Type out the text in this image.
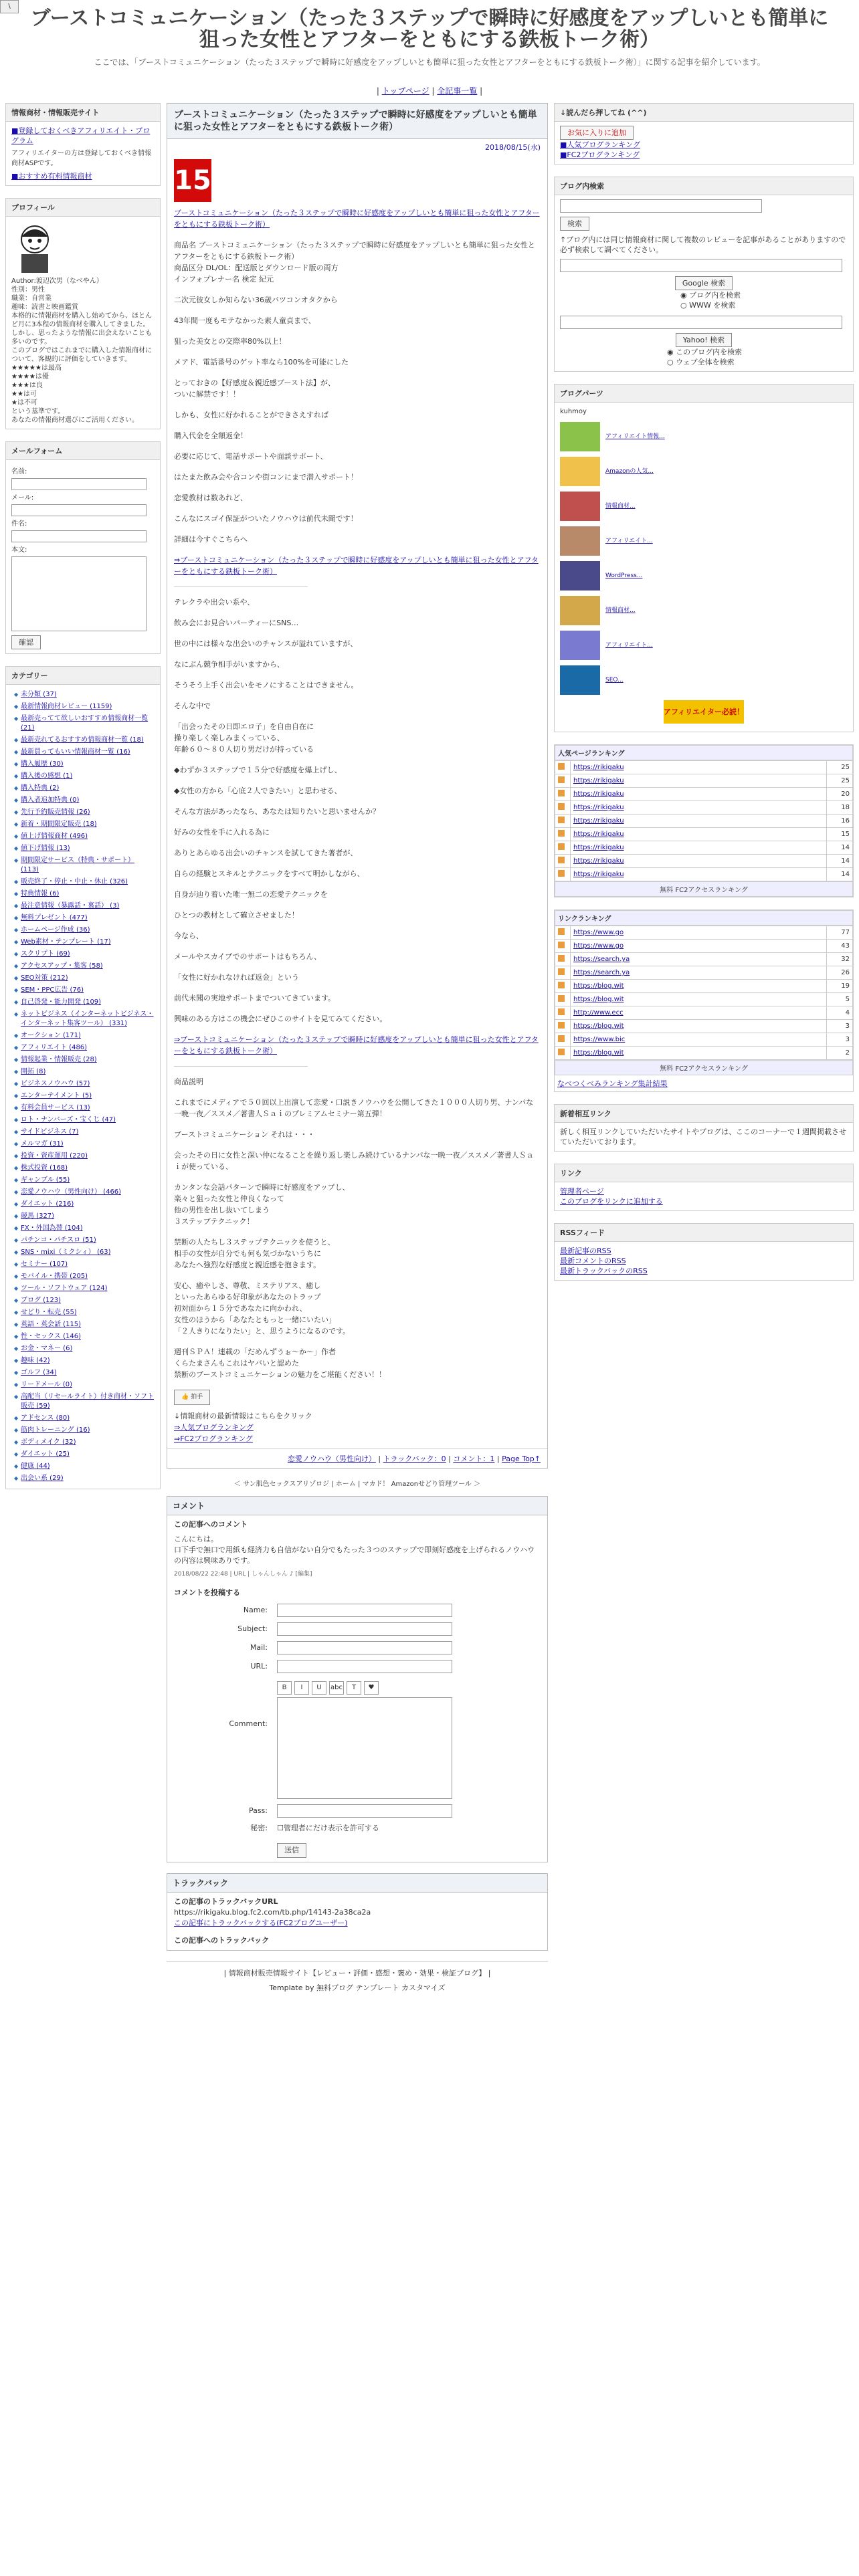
\
ブーストコミュニケーション（たった３ステップで瞬時に好感度をアップしいとも簡単に狙った女性とアフターをともにする鉄板トーク術）
ここでは、「ブーストコミュニケーション（たった３ステップで瞬時に好感度をアップしいとも簡単に狙った女性とアフターをともにする鉄板トーク術）」に関する記事を紹介しています。
| トップページ | 全記事一覧 |
情報商材・情報販売サイト
■登録しておくべきアフィリエイト・ブログラム
アフィリエイターの方は登録しておくべき情報商材ASPです。
■おすすめ有料情報商材
プロフィール
Author:渡辺次男（なべやん）
性別：男性
職業：自営業
趣味：読書と映画鑑賞
本格的に情報商材を購入し始めてから、ほとんど月に3本程の情報商材を購入してきました。しかし、思ったような情報に出会えないことも多いのです。
このブログではこれまでに購入した情報商材について、客観的に評価をしていきます。
★★★★★は最高
★★★★は優
★★★は良
★★は可
★は不可
という基準です。
あなたの情報商材選びにご活用ください。
メールフォーム
名前:
メール:
件名:
本文:
確認
カテゴリー
◆ 未分類 (37)
◆ 最新情報商材レビュー (1159)
◆ 最新売ってて欲しいおすすめ情報商材一覧 (21)
◆ 最新売れてるおすすめ情報商材一覧 (18)
◆ 最新買ってもいい情報商材一覧 (16)
◆ 購入履歴 (30)
◆ 購入後の感想 (1)
◆ 購入特典 (2)
◆ 購入者追加特典 (0)
◆ 先行予約販売情報 (26)
◆ 新着・期間限定販売 (18)
◆ 値上げ情報商材 (496)
◆ 値下げ情報 (13)
◆ 期間限定サービス（特典・サポート） (113)
◆ 販売終了・停止・中止・休止 (326)
◆ 特典情報 (6)
◆ 最注意情報（暴露話・裏話） (3)
◆ 無料プレゼント (477)
◆ ホームページ作成 (36)
◆ Web素材・テンプレート (17)
◆ スクリプト (69)
◆ アクセスアップ・集客 (58)
◆ SEO対策 (212)
◆ SEM・PPC広告 (76)
◆ 自己啓発・能力開発 (109)
◆ ネットビジネス（インターネットビジネス・インターネット集客ツール） (331)
◆ オークション (171)
◆ アフィリエイト (486)
◆ 情報起業・情報販売 (28)
◆ 開拓 (8)
◆ ビジネスノウハウ (57)
◆ エンターテイメント (5)
◆ 有料会員サービス (13)
◆ ロト・ナンバーズ・宝くじ (47)
◆ サイドビジネス (7)
◆ メルマガ (31)
◆ 投資・資産運用 (220)
◆ 株式投資 (168)
◆ ギャンブル (55)
◆ 恋愛ノウハウ（男性向け） (466)
◆ ダイエット (216)
◆ 競馬 (327)
◆ FX・外国為替 (104)
◆ パチンコ・パチスロ (51)
◆ SNS・mixi（ミクシィ） (63)
◆ セミナー (107)
◆ モバイル・携帯 (205)
◆ ツール・ソフトウェア (124)
◆ ブログ (123)
◆ せどり・転売 (55)
◆ 英語・英会話 (115)
◆ 性・セックス (146)
◆ お金・マネー (6)
◆ 趣味 (42)
◆ ゴルフ (34)
◆ リードメール (0)
◆ 高配当（リセールライト）付き商材・ソフト販売 (59)
◆ アドセンス (80)
◆ 筋肉トレーニング (16)
◆ ボディメイク (32)
◆ ダイエット (25)
◆ 健康 (44)
◆ 出会い系 (29)
ブーストコミュニケーション（たった３ステップで瞬時に好感度をアップしいとも簡単に狙った女性とアフターをともにする鉄板トーク術）
2018/08/15(水)
15

ブーストコミュニケーション（たった３ステップで瞬時に好感度をアップしいとも簡単に狙った女性とアフターをともにする鉄板トーク術）

商品名 ブーストコミュニケーション（たった３ステップで瞬時に好感度をアップしいとも簡単に狙った女性とアフターをともにする鉄板トーク術）
商品区分 DL/OL：配送版とダウンロード版の両方
インフォプレナー名 検定 紀元

二次元彼女しか知らない36歳バツコンオタクから

43年間一度もモテなかった素人童貞まで、

狙った美女との交際率80%以上！

メアド、電話番号のゲット率なら100%を可能にした

とっておきの【好感度＆親近感ブースト法】が、
ついに解禁です！！

しかも、女性に好かれることができさえすれば

購入代金を全額返金！

必要に応じて、電話サポートや面談サポート、

はたまた飲み会や合コンや街コンにまで潜入サポート！

恋愛教材は数あれど、

こんなにスゴイ保証がついたノウハウは前代未聞です！

詳細は今すぐこちらへ

⇒ブーストコミュニケーション（たった３ステップで瞬時に好感度をアップしいとも簡単に狙った女性とアフターをともにする鉄板トーク術）

テレクラや出会い系や、

飲み会にお見合いパーティーにSNS…

世の中には様々な出会いのチャンスが溢れていますが、

なにぶん競争相手がいますから、

そうそう上手く出会いをモノにすることはできません。

そんな中で

「出会ったその日即エロ子」を自由自在に
操り楽しく楽しみまくっている、
年齢６０～８０人切り男だけが持っている

◆わずか３ステップで１５分で好感度を爆上げし、

◆女性の方から「心底２人できたい」と思わせる、

そんな方法があったなら、あなたは知りたいと思いませんか？

好みの女性を手に入れる為に

ありとあらゆる出会いのチャンスを試してきた著者が、

自らの経験とスキルとテクニックをすべて明かしながら、

自身が辿り着いた唯一無二の恋愛テクニックを

ひとつの教材として確立させました！

今なら、

メールやスカイプでのサポートはもちろん、

「女性に好かれなければ返金」という

前代未聞の実地サポートまでついてきています。

興味のある方はこの機会にぜひこのサイトを見てみてください。

⇒ブーストコミュニケーション（たった３ステップで瞬時に好感度をアップしいとも簡単に狙った女性とアフターをともにする鉄板トーク術）

商品説明

これまでにメディアで５０回以上出演して恋愛・口説きノウハウを公開してきた１０００人切り男、ナンパな一晩一夜／ススメ／著書人Ｓａｉのプレミアムセミナー第五弾！

ブーストコミュニケーション それは・・・

会ったその日に女性と深い仲になることを繰り返し楽しみ続けているナンパな一晩一夜／ススメ／著書人Ｓａｉが使っている、

カンタンな会話パターンで瞬時に好感度をアップし、
楽々と狙った女性と仲良くなって
他の男性を出し抜いてしまう
３ステップテクニック！

禁断の人たちし３ステップテクニックを使うと、
相手の女性が自分でも何も気づかないうちに
あなたへ強烈な好感度と親近感を抱きます。

安心、癒やしさ、尊敬、ミステリアス、癒し
といったあらゆる好印象があなたのトラップ
初対面から１５分であなたに向かわれ、
女性のほうから「あなたともっと一緒にいたい」
「２人きりになりたい」と、思うようになるのです。

週刊ＳＰＡ！連載の「だめんずうぉ～か～」作者
くらたまさんもこれはヤバいと認めた
禁断のブーストコミュニケーションの魅力をご堪能ください！！

👍 拍手
↓情報商材の最新情報はこちらをクリック
⇒人気ブログランキング
⇒FC2ブログランキング
恋愛ノウハウ（男性向け） | トラックバック：0 | コメント：1 | Page Top↑
＜ サン肌色セックスアリゾロジ | ホーム | マカド！ Amazonせどり管理ツール ＞
コメント
この記事へのコメント
こんにちは。
口下手で無口で用紙も経済力も自信がない自分でもたった３つのステップで即刻好感度を上げられるノウハウの内容は興味ありです。
2018/08/22 22:48 | URL | しゃんしゃん ♪ [編集]
コメントを投稿する
Name:
Subject:
Mail:
URL:
Comment:
B	I	U	abc	T	♥
Pass:
秘密:	☐ 管理者にだけ表示を許可する
送信
トラックバック
この記事のトラックバックURL
https://rikigaku.blog.fc2.com/tb.php/14143-2a38ca2a
この記事にトラックバックする(FC2ブログユーザー)
この記事へのトラックバック
| 情報商材販売情報サイト【レビュー・評価・感想・褒め・効果・検証ブログ】 |
Template by 無料ブログ テンプレート カスタマイズ
↓読んだら押してね (^^)
お気に入りに追加
■人気ブログランキング
■FC2ブログランキング
ブログ内検索
検索
↑ブログ内には同じ情報商材に関して複数のレビューを記事があることがありますので必ず検索して調べてください。
Google 検索
◉ ブログ内を検索
○ WWW を検索
Yahoo! 検索
◉ このブログ内を検索
○ ウェブ全体を検索
ブログパーツ
kuhmoy
アフィリエイト情報...
Amazonの人気...
情報商材...
アフィリエイト...
WordPress...
情報商材...
アフィリエイト...
SEO...
アフィリエイター必読！
人気ページランキング
	https://rikigaku	25
	https://rikigaku	25
	https://rikigaku	20
	https://rikigaku	18
	https://rikigaku	16
	https://rikigaku	15
	https://rikigaku	14
	https://rikigaku	14
	https://rikigaku	14
無料 FC2アクセスランキング
リンクランキング
	https://www.go	77
	https://www.go	43
	https://search.ya	32
	https://search.ya	26
	https://blog.wit	19
	https://blog.wit	5
	http://www.ecc	4
	https://blog.wit	3
	https://www.bic	3
	https://blog.wit	2
無料 FC2アクセスランキング
なべつくべみランキング集計結果
新着相互リンク
新しく相互リンクしていただいたサイトやブログは、ここのコーナーで１週間掲載させていただいております。
リンク
管理者ページ
このブログをリンクに追加する
RSSフィード
最新記事のRSS
最新コメントのRSS
最新トラックバックのRSS
